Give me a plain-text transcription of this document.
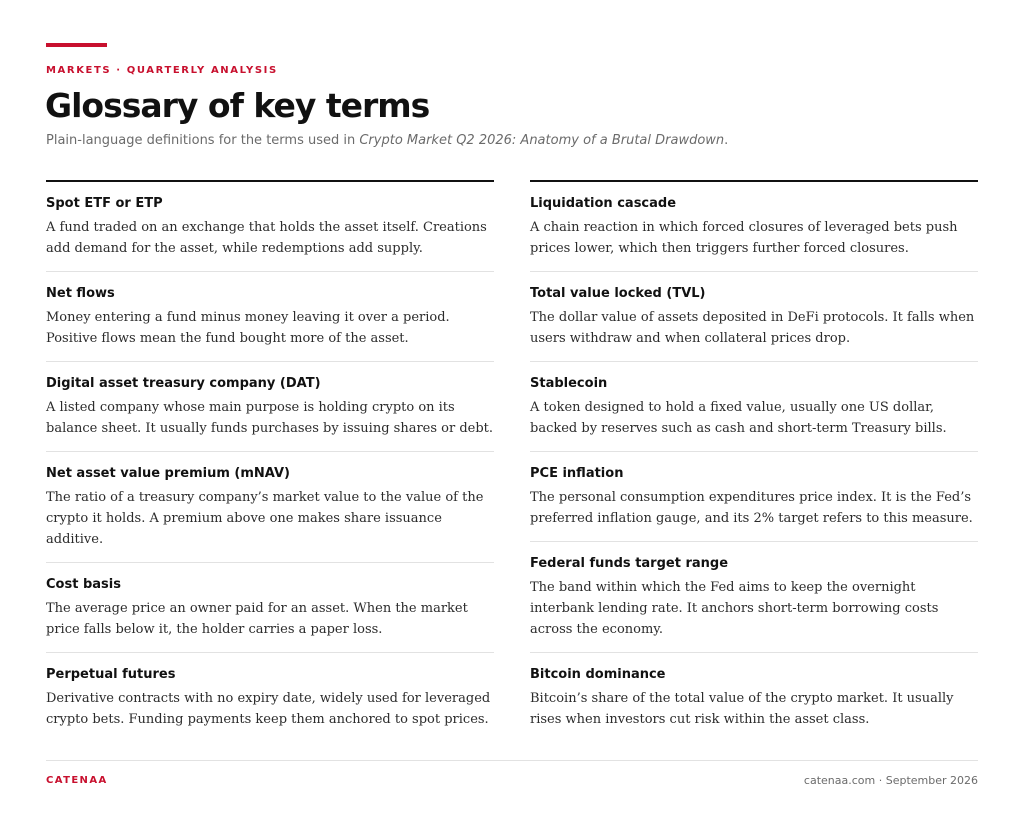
MARKETS · QUARTERLY ANALYSIS
Glossary of key terms
Plain-language definitions for the terms used in Crypto Market Q2 2026: Anatomy of a Brutal Drawdown.
Spot ETF or ETP
A fund traded on an exchange that holds the asset itself. Creations add demand for the asset, while redemptions add supply.
Net flows
Money entering a fund minus money leaving it over a period. Positive flows mean the fund bought more of the asset.
Digital asset treasury company (DAT)
A listed company whose main purpose is holding crypto on its balance sheet. It usually funds purchases by issuing shares or debt.
Net asset value premium (mNAV)
The ratio of a treasury company’s market value to the value of the crypto it holds. A premium above one makes share issuance additive.
Cost basis
The average price an owner paid for an asset. When the market price falls below it, the holder carries a paper loss.
Perpetual futures
Derivative contracts with no expiry date, widely used for leveraged crypto bets. Funding payments keep them anchored to spot prices.
Liquidation cascade
A chain reaction in which forced closures of leveraged bets push prices lower, which then triggers further forced closures.
Total value locked (TVL)
The dollar value of assets deposited in DeFi protocols. It falls when users withdraw and when collateral prices drop.
Stablecoin
A token designed to hold a fixed value, usually one US dollar, backed by reserves such as cash and short-term Treasury bills.
PCE inflation
The personal consumption expenditures price index. It is the Fed’s preferred inflation gauge, and its 2% target refers to this measure.
Federal funds target range
The band within which the Fed aims to keep the overnight interbank lending rate. It anchors short-term borrowing costs across the economy.
Bitcoin dominance
Bitcoin’s share of the total value of the crypto market. It usually rises when investors cut risk within the asset class.
CATENAA	catenaa.com · September 2026
